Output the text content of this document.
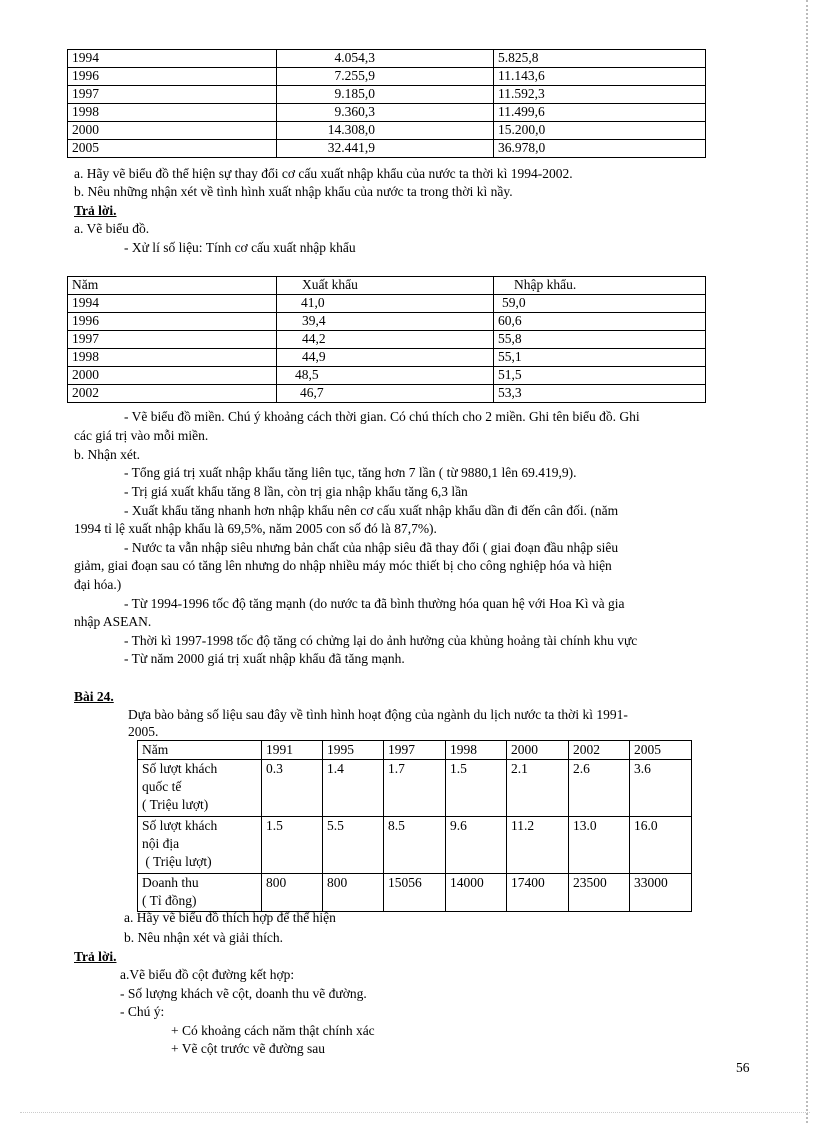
1994	4.054,3	5.825,8
1996	7.255,9	11.143,6
1997	9.185,0	11.592,3
1998	9.360,3	11.499,6
2000	14.308,0	15.200,0
2005	32.441,9	36.978,0
a. Hãy vẽ biểu đồ thể hiện sự thay đổi cơ cấu xuất nhập khẩu của nước ta thời kì 1994-2002.
b. Nêu những nhận xét về tình hình xuất nhập khẩu của nước ta trong thời kì nầy.
Trả lời.
a. Vẽ biểu đồ.
- Xử lí số liệu: Tính cơ cấu xuất nhập khẩu
Năm	Xuất khẩu	Nhập khẩu.
1994	41,0	59,0
1996	39,4	60,6
1997	44,2	55,8
1998	44,9	55,1
2000	48,5	51,5
2002	46,7	53,3
- Vẽ biểu đồ miền. Chú ý khoảng cách thời gian. Có chú thích cho 2 miền. Ghi tên biểu đồ. Ghi
các giá trị vào mỗi miền.
b. Nhận xét.
- Tổng giá trị xuất nhập khẩu tăng liên tục, tăng hơn 7 lần ( từ 9880,1 lên 69.419,9).
- Trị giá xuất khẩu tăng 8 lần, còn trị gia nhập khẩu tăng 6,3 lần
- Xuất khẩu tăng nhanh hơn nhập khẩu nên cơ cấu xuất nhập khẩu dần đi đến cân đối. (năm
1994 tỉ lệ xuất nhập khẩu là 69,5%, năm 2005 con số đó là 87,7%).
- Nước ta vẫn nhập siêu nhưng bản chất của nhập siêu đã thay đổi ( giai đoạn đầu nhập siêu
giảm, giai đoạn sau có tăng lên nhưng do nhập nhiều máy móc thiết bị cho công nghiệp hóa và hiện
đại hóa.)
- Từ 1994-1996 tốc độ tăng mạnh (do nước ta đã bình thường hóa quan hệ với Hoa Kì và gia
nhập ASEAN.
- Thời kì 1997-1998 tốc độ tăng có chửng lại do ảnh hưởng của khủng hoảng tài chính khu vực
- Từ năm 2000 giá trị xuất nhập khẩu đã tăng mạnh.
Bài 24.
Dựa bào bảng số liệu sau đây về tình hình hoạt động của ngành du lịch nước ta thời kì 1991-
2005.
Năm	1991	1995	1997	1998	2000	2002	2005

Số lượt khách
quốc tế
( Triệu lượt)	0.3	1.4	1.7	1.5	2.1	2.6	3.6

Số lượt khách
nội địa
( Triệu lượt)	1.5	5.5	8.5	9.6	11.2	13.0	16.0

Doanh thu
( Tỉ đồng)	800	800	15056	14000	17400	23500	33000
a. Hãy vẽ biểu đồ thích hợp để thể hiện
b. Nêu nhận xét và giải thích.
Trả lời.
a.Vẽ biểu đồ cột đường kết hợp:
- Số lượng khách vẽ cột, doanh thu vẽ đường.
- Chú ý:
+ Có khoảng cách năm thật chính xác
+ Vẽ cột trước vẽ đường sau
56
